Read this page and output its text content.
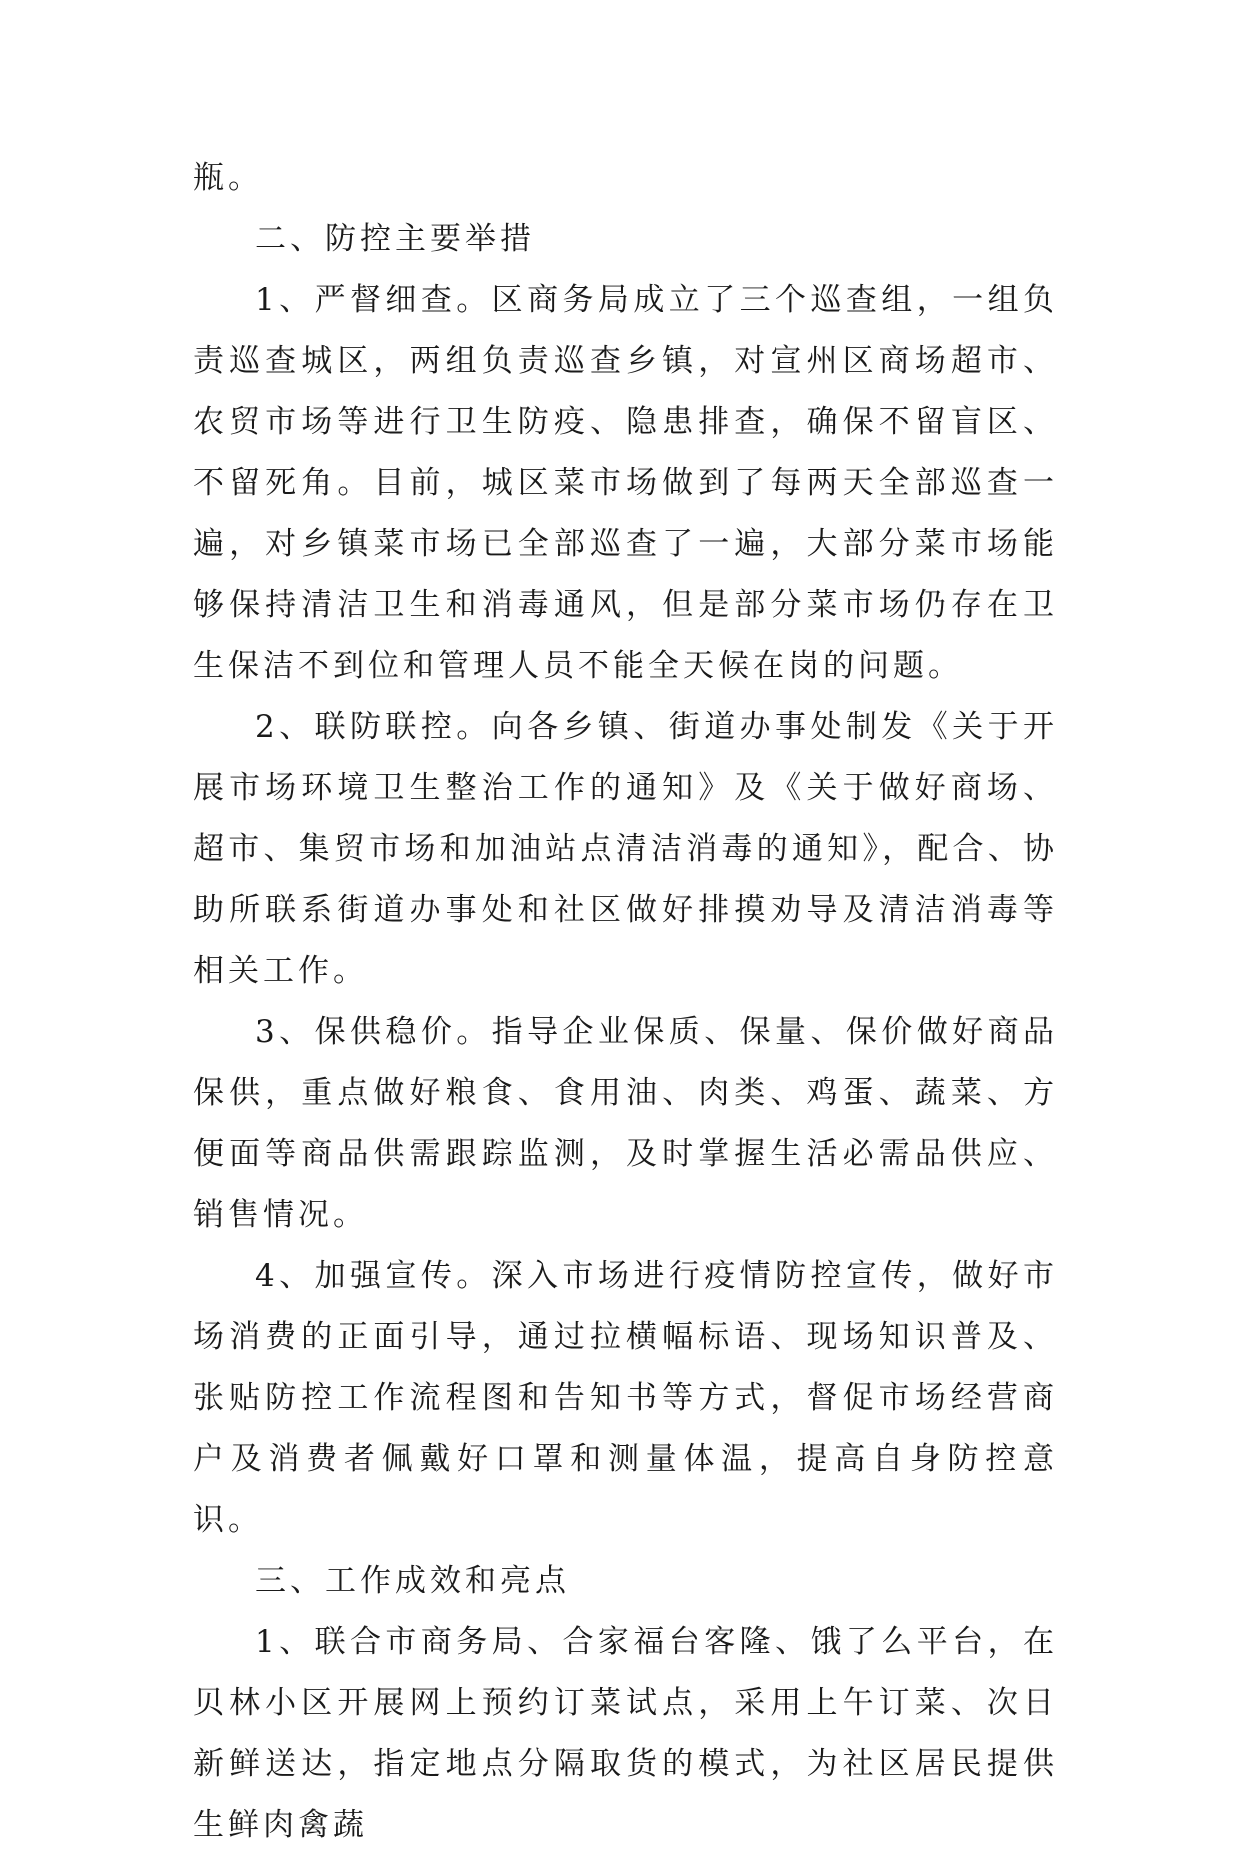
瓶。

二、防控主要举措

1、严督细查。区商务局成立了三个巡查组，一组负责巡查城区，两组负责巡查乡镇，对宣州区商场超市、农贸市场等进行卫生防疫、隐患排查，确保不留盲区、不留死角。目前，城区菜市场做到了每两天全部巡查一遍，对乡镇菜市场已全部巡查了一遍，大部分菜市场能够保持清洁卫生和消毒通风，但是部分菜市场仍存在卫生保洁不到位和管理人员不能全天候在岗的问题。

2、联防联控。向各乡镇、街道办事处制发《关于开展市场环境卫生整治工作的通知》及《关于做好商场、超市、集贸市场和加油站点清洁消毒的通知》，配合、协助所联系街道办事处和社区做好排摸劝导及清洁消毒等相关工作。

3、保供稳价。指导企业保质、保量、保价做好商品保供，重点做好粮食、食用油、肉类、鸡蛋、蔬菜、方便面等商品供需跟踪监测，及时掌握生活必需品供应、销售情况。

4、加强宣传。深入市场进行疫情防控宣传，做好市场消费的正面引导，通过拉横幅标语、现场知识普及、张贴防控工作流程图和告知书等方式，督促市场经营商户及消费者佩戴好口罩和测量体温，提高自身防控意识。

三、工作成效和亮点

1、联合市商务局、合家福台客隆、饿了么平台，在贝林小区开展网上预约订菜试点，采用上午订菜、次日新鲜送达，指定地点分隔取货的模式，为社区居民提供生鲜肉禽蔬
